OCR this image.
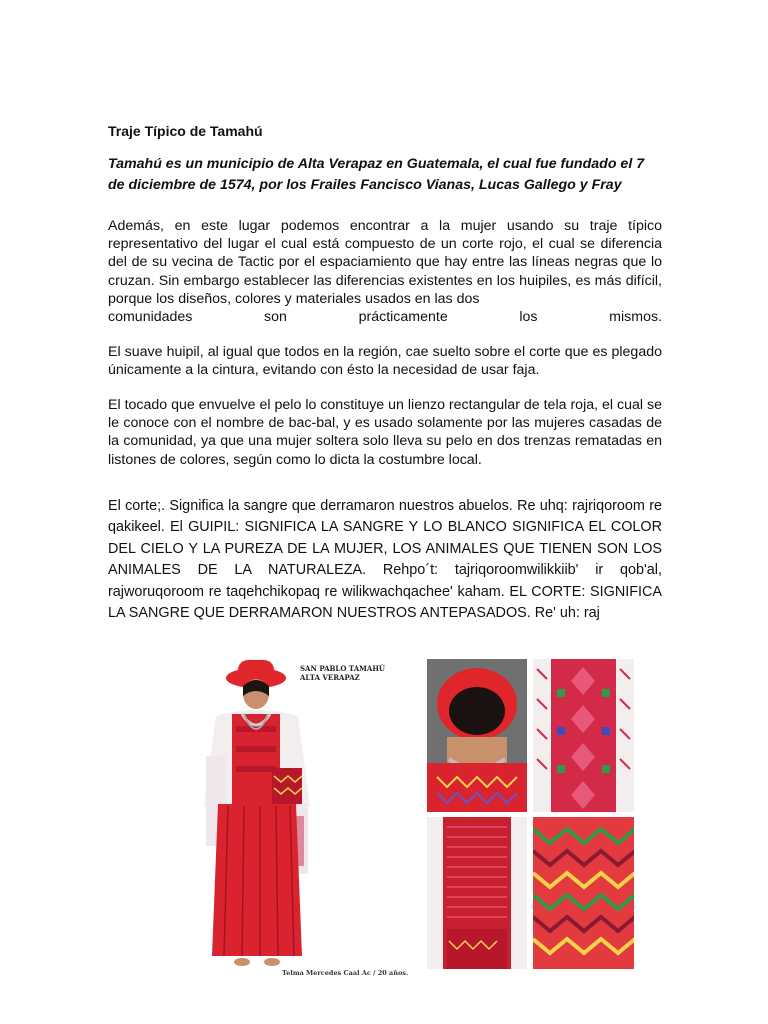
Traje Típico de Tamahú
Tamahú es un municipio de Alta Verapaz en Guatemala, el cual fue fundado el 7 de diciembre de 1574, por los Frailes Fancisco Vianas, Lucas Gallego y Fray

Además, en este lugar podemos encontrar a la mujer usando su traje típico representativo del lugar el cual está compuesto de un corte rojo, el cual se diferencia del de su vecina de Tactic por el espaciamiento que hay entre las líneas negras que lo cruzan. Sin embargo establecer las diferencias existentes en los huipiles, es más difícil, porque los diseños, colores y materiales usados en las dos
comunidades son prácticamente los mismos.

El suave huipil, al igual que todos en la región, cae suelto sobre el corte que es plegado únicamente a la cintura, evitando con ésto la necesidad de usar faja.

El tocado que envuelve el pelo lo constituye un lienzo rectangular de tela roja, el cual se le conoce con el nombre de bac-bal, y es usado solamente por las mujeres casadas de la comunidad, ya que una mujer soltera solo lleva su pelo en dos trenzas rematadas en listones de colores, según como lo dicta la costumbre local.

El corte;. Significa la sangre que derramaron nuestros abuelos. Re uhq: rajriqoroom re qakikeel. El GUIPIL: SIGNIFICA LA SANGRE Y LO BLANCO SIGNIFICA EL COLOR DEL CIELO Y LA PUREZA DE LA MUJER, LOS ANIMALES QUE TIENEN SON LOS ANIMALES DE LA NATURALEZA. Rehpo´t: tajriqoroomwilikkiib' ir qob'al, rajworuqoroom re taqehchikopaq re wilikwachqachee' kaham. EL CORTE: SIGNIFICA LA SANGRE QUE DERRAMARON NUESTROS ANTEPASADOS. Re' uh: raj

SAN PABLO TAMAHÚ
ALTA VERAPAZ
Telma Mercedes Caal Ac / 20 años.
